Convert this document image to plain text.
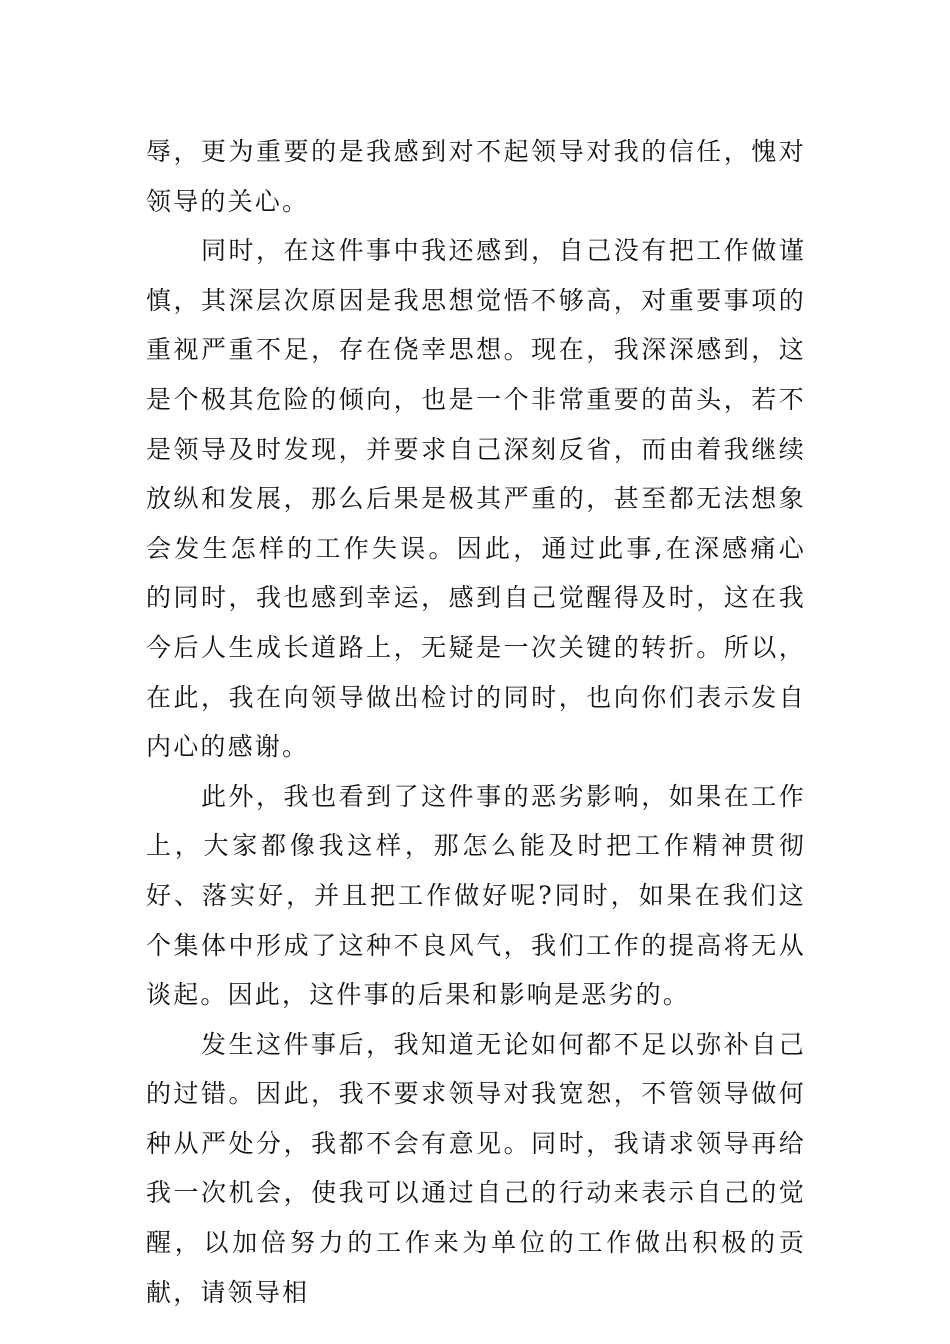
辱，更为重要的是我感到对不起领导对我的信任，愧对领导的关心。

同时，在这件事中我还感到，自己没有把工作做谨慎，其深层次原因是我思想觉悟不够高，对重要事项的重视严重不足，存在侥幸思想。现在，我深深感到，这是个极其危险的倾向，也是一个非常重要的苗头，若不是领导及时发现，并要求自己深刻反省，而由着我继续放纵和发展，那么后果是极其严重的，甚至都无法想象会发生怎样的工作失误。因此，通过此事,在深感痛心的同时，我也感到幸运，感到自己觉醒得及时，这在我今后人生成长道路上，无疑是一次关键的转折。所以，在此，我在向领导做出检讨的同时，也向你们表示发自内心的感谢。

此外，我也看到了这件事的恶劣影响，如果在工作上，大家都像我这样，那怎么能及时把工作精神贯彻好、落实好，并且把工作做好呢?同时，如果在我们这个集体中形成了这种不良风气，我们工作的提高将无从谈起。因此，这件事的后果和影响是恶劣的。

发生这件事后，我知道无论如何都不足以弥补自己的过错。因此，我不要求领导对我宽恕，不管领导做何种从严处分，我都不会有意见。同时，我请求领导再给我一次机会，使我可以通过自己的行动来表示自己的觉醒，以加倍努力的工作来为单位的工作做出积极的贡献，请领导相
